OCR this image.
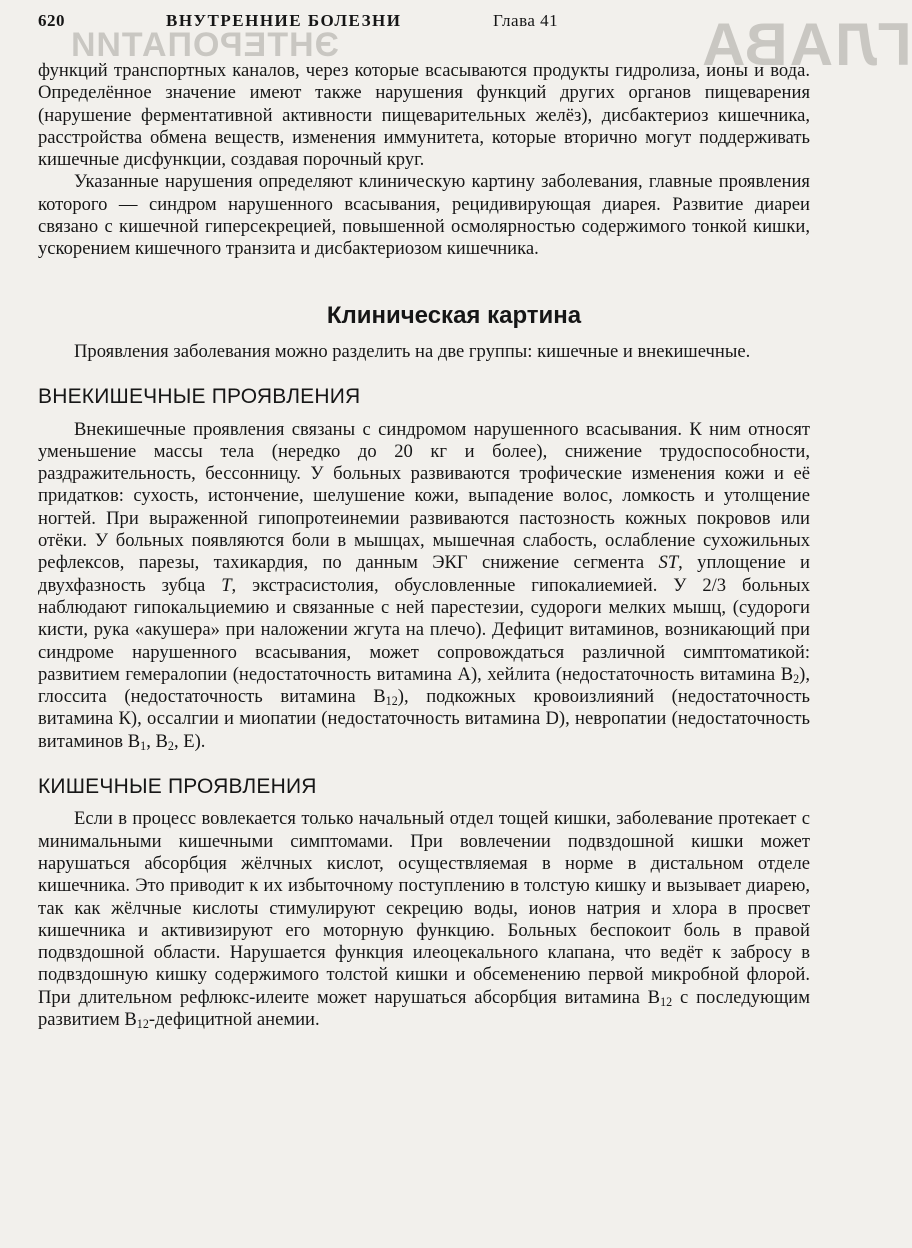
ЭНТЕРОПАТИИ	ГЛАВА
620	ВНУТРЕННИЕ БОЛЕЗНИ	Глава 41

функций транспортных каналов, через которые всасываются продукты гидролиза, ионы и вода. Определённое значение имеют также нарушения функций других органов пищеварения (нарушение ферментативной активности пищеварительных желёз), дисбактериоз кишечника, расстройства обмена веществ, изменения иммунитета, которые вторично могут поддерживать кишечные дисфункции, создавая порочный круг.

Указанные нарушения определяют клиническую картину заболевания, главные проявления которого — синдром нарушенного всасывания, рецидивирующая диарея. Развитие диареи связано с кишечной гиперсекрецией, повышенной осмолярностью содержимого тонкой кишки, ускорением кишечного транзита и дисбактериозом кишечника.

Клиническая картина

Проявления заболевания можно разделить на две группы: кишечные и внекишечные.

ВНЕКИШЕЧНЫЕ ПРОЯВЛЕНИЯ

Внекишечные проявления связаны с синдромом нарушенного всасывания. К ним относят уменьшение массы тела (нередко до 20 кг и более), снижение трудоспособности, раздражительность, бессонницу. У больных развиваются трофические изменения кожи и её придатков: сухость, истончение, шелушение кожи, выпадение волос, ломкость и утолщение ногтей. При выраженной гипопротеинемии развиваются пастозность кожных покровов или отёки. У больных появляются боли в мышцах, мышечная слабость, ослабление сухожильных рефлексов, парезы, тахикардия, по данным ЭКГ снижение сегмента ST, уплощение и двухфазность зубца T, экстрасистолия, обусловленные гипокалиемией. У 2/3 больных наблюдают гипокальциемию и связанные с ней парестезии, судороги мелких мышц, (судороги кисти, рука «акушера» при наложении жгута на плечо). Дефицит витаминов, возникающий при синдроме нарушенного всасывания, может сопровождаться различной симптоматикой: развитием гемералопии (недостаточность витамина А), хейлита (недостаточность витамина $B_2$), глоссита (недостаточность витамина $B_{12}$), подкожных кровоизлияний (недостаточность витамина К), оссалгии и миопатии (недостаточность витамина D), невропатии (недостаточность витаминов $B_1$, $B_2$, E).

КИШЕЧНЫЕ ПРОЯВЛЕНИЯ

Если в процесс вовлекается только начальный отдел тощей кишки, заболевание протекает с минимальными кишечными симптомами. При вовлечении подвздошной кишки может нарушаться абсорбция жёлчных кислот, осуществляемая в норме в дистальном отделе кишечника. Это приводит к их избыточному поступлению в толстую кишку и вызывает диарею, так как жёлчные кислоты стимулируют секрецию воды, ионов натрия и хлора в просвет кишечника и активизируют его моторную функцию. Больных беспокоит боль в правой подвздошной области. Нарушается функция илеоцекального клапана, что ведёт к забросу в подвздошную кишку содержимого толстой кишки и обсеменению первой микробной флорой. При длительном рефлюкс-илеите может нарушаться абсорбция витамина $B_{12}$ с последующим развитием $B_{12}$-дефицитной анемии.
